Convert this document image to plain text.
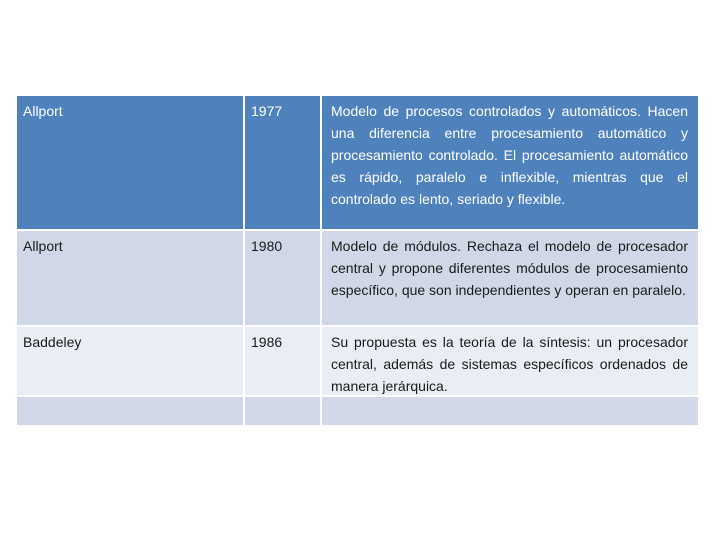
Allport	1977	Modelo de procesos controlados y automáticos. Hacen una diferencia entre procesamiento automático y procesamiento controlado. El procesamiento automático es rápido, paralelo e inflexible, mientras que el controlado es lento, seriado y flexible.
Allport	1980	Modelo de módulos. Rechaza el modelo de procesador central y propone diferentes módulos de procesamiento específico, que son independientes y operan en paralelo.
Baddeley	1986	Su propuesta es la teoría de la síntesis: un procesador central, además de sistemas específicos ordenados de manera jerárquica.
